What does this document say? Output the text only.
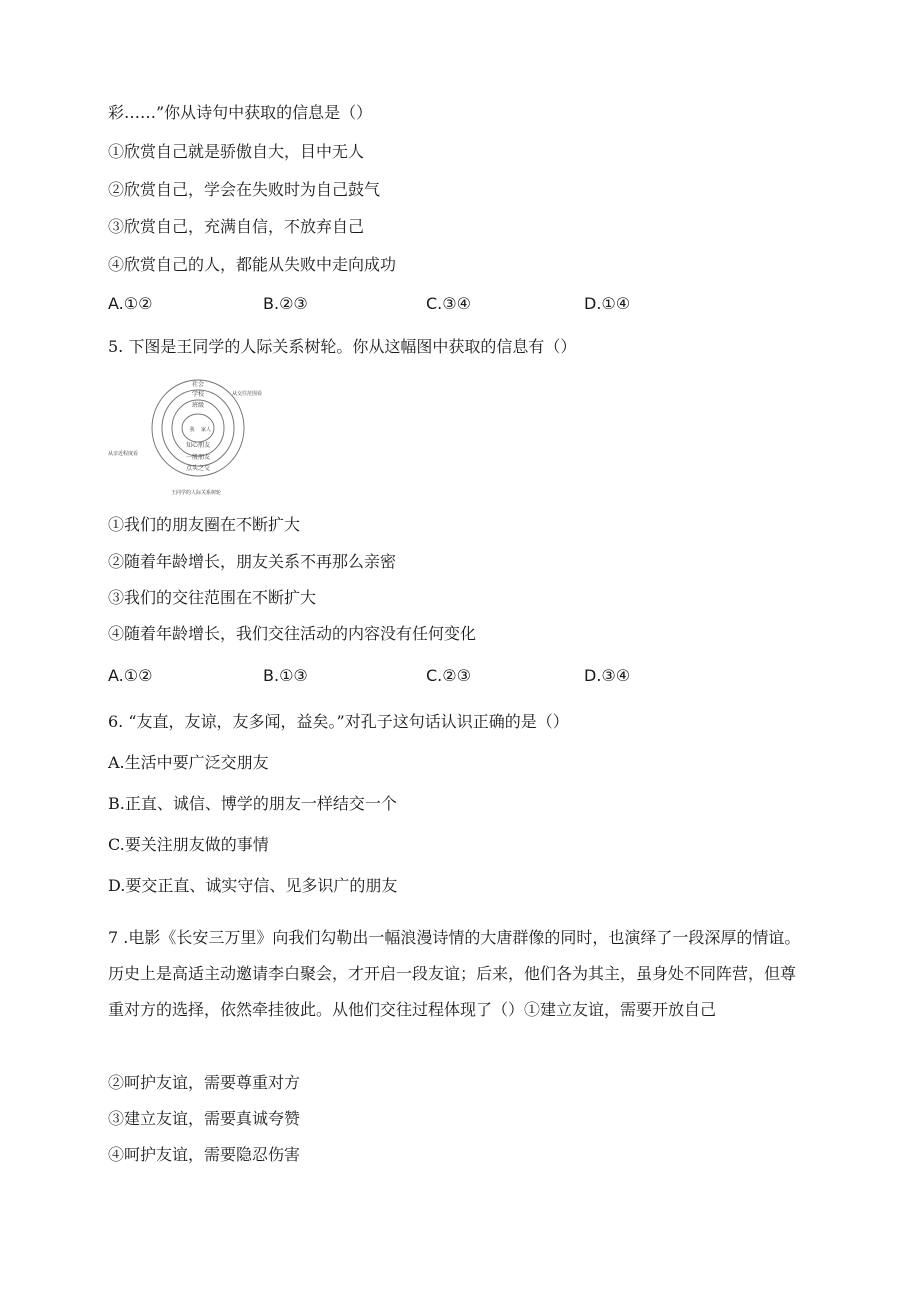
彩……”你从诗句中获取的信息是（）
①欣赏自己就是骄傲自大，目中无人
②欣赏自己，学会在失败时为自己鼓气
③欣赏自己，充满自信，不放弃自己
④欣赏自己的人，都能从失败中走向成功
A.①②	B.②③	C.③④	D.①④
5. 下图是王同学的人际关系树轮。你从这幅图中获取的信息有（）
社会
学校
班级
我 家人
知心朋友
一般朋友
点头之交
从交往范围看
从亲近程度看
王同学的人际关系树轮
①我们的朋友圈在不断扩大
②随着年龄增长，朋友关系不再那么亲密
③我们的交往范围在不断扩大
④随着年龄增长，我们交往活动的内容没有任何变化
A.①②	B.①③	C.②③	D.③④
6. “友直，友谅，友多闻，益矣。”对孔子这句话认识正确的是（）
A.生活中要广泛交朋友
B.正直、诚信、博学的朋友一样结交一个
C.要关注朋友做的事情
D.要交正直、诚实守信、见多识广的朋友
7 .电影《长安三万里》向我们勾勒出一幅浪漫诗情的大唐群像的同时，也演绎了一段深厚的情谊。历史上是高适主动邀请李白聚会，才开启一段友谊；后来，他们各为其主，虽身处不同阵营，但尊重对方的选择，依然牵挂彼此。从他们交往过程体现了（）①建立友谊，需要开放自己
②呵护友谊，需要尊重对方
③建立友谊，需要真诚夸赞
④呵护友谊，需要隐忍伤害
